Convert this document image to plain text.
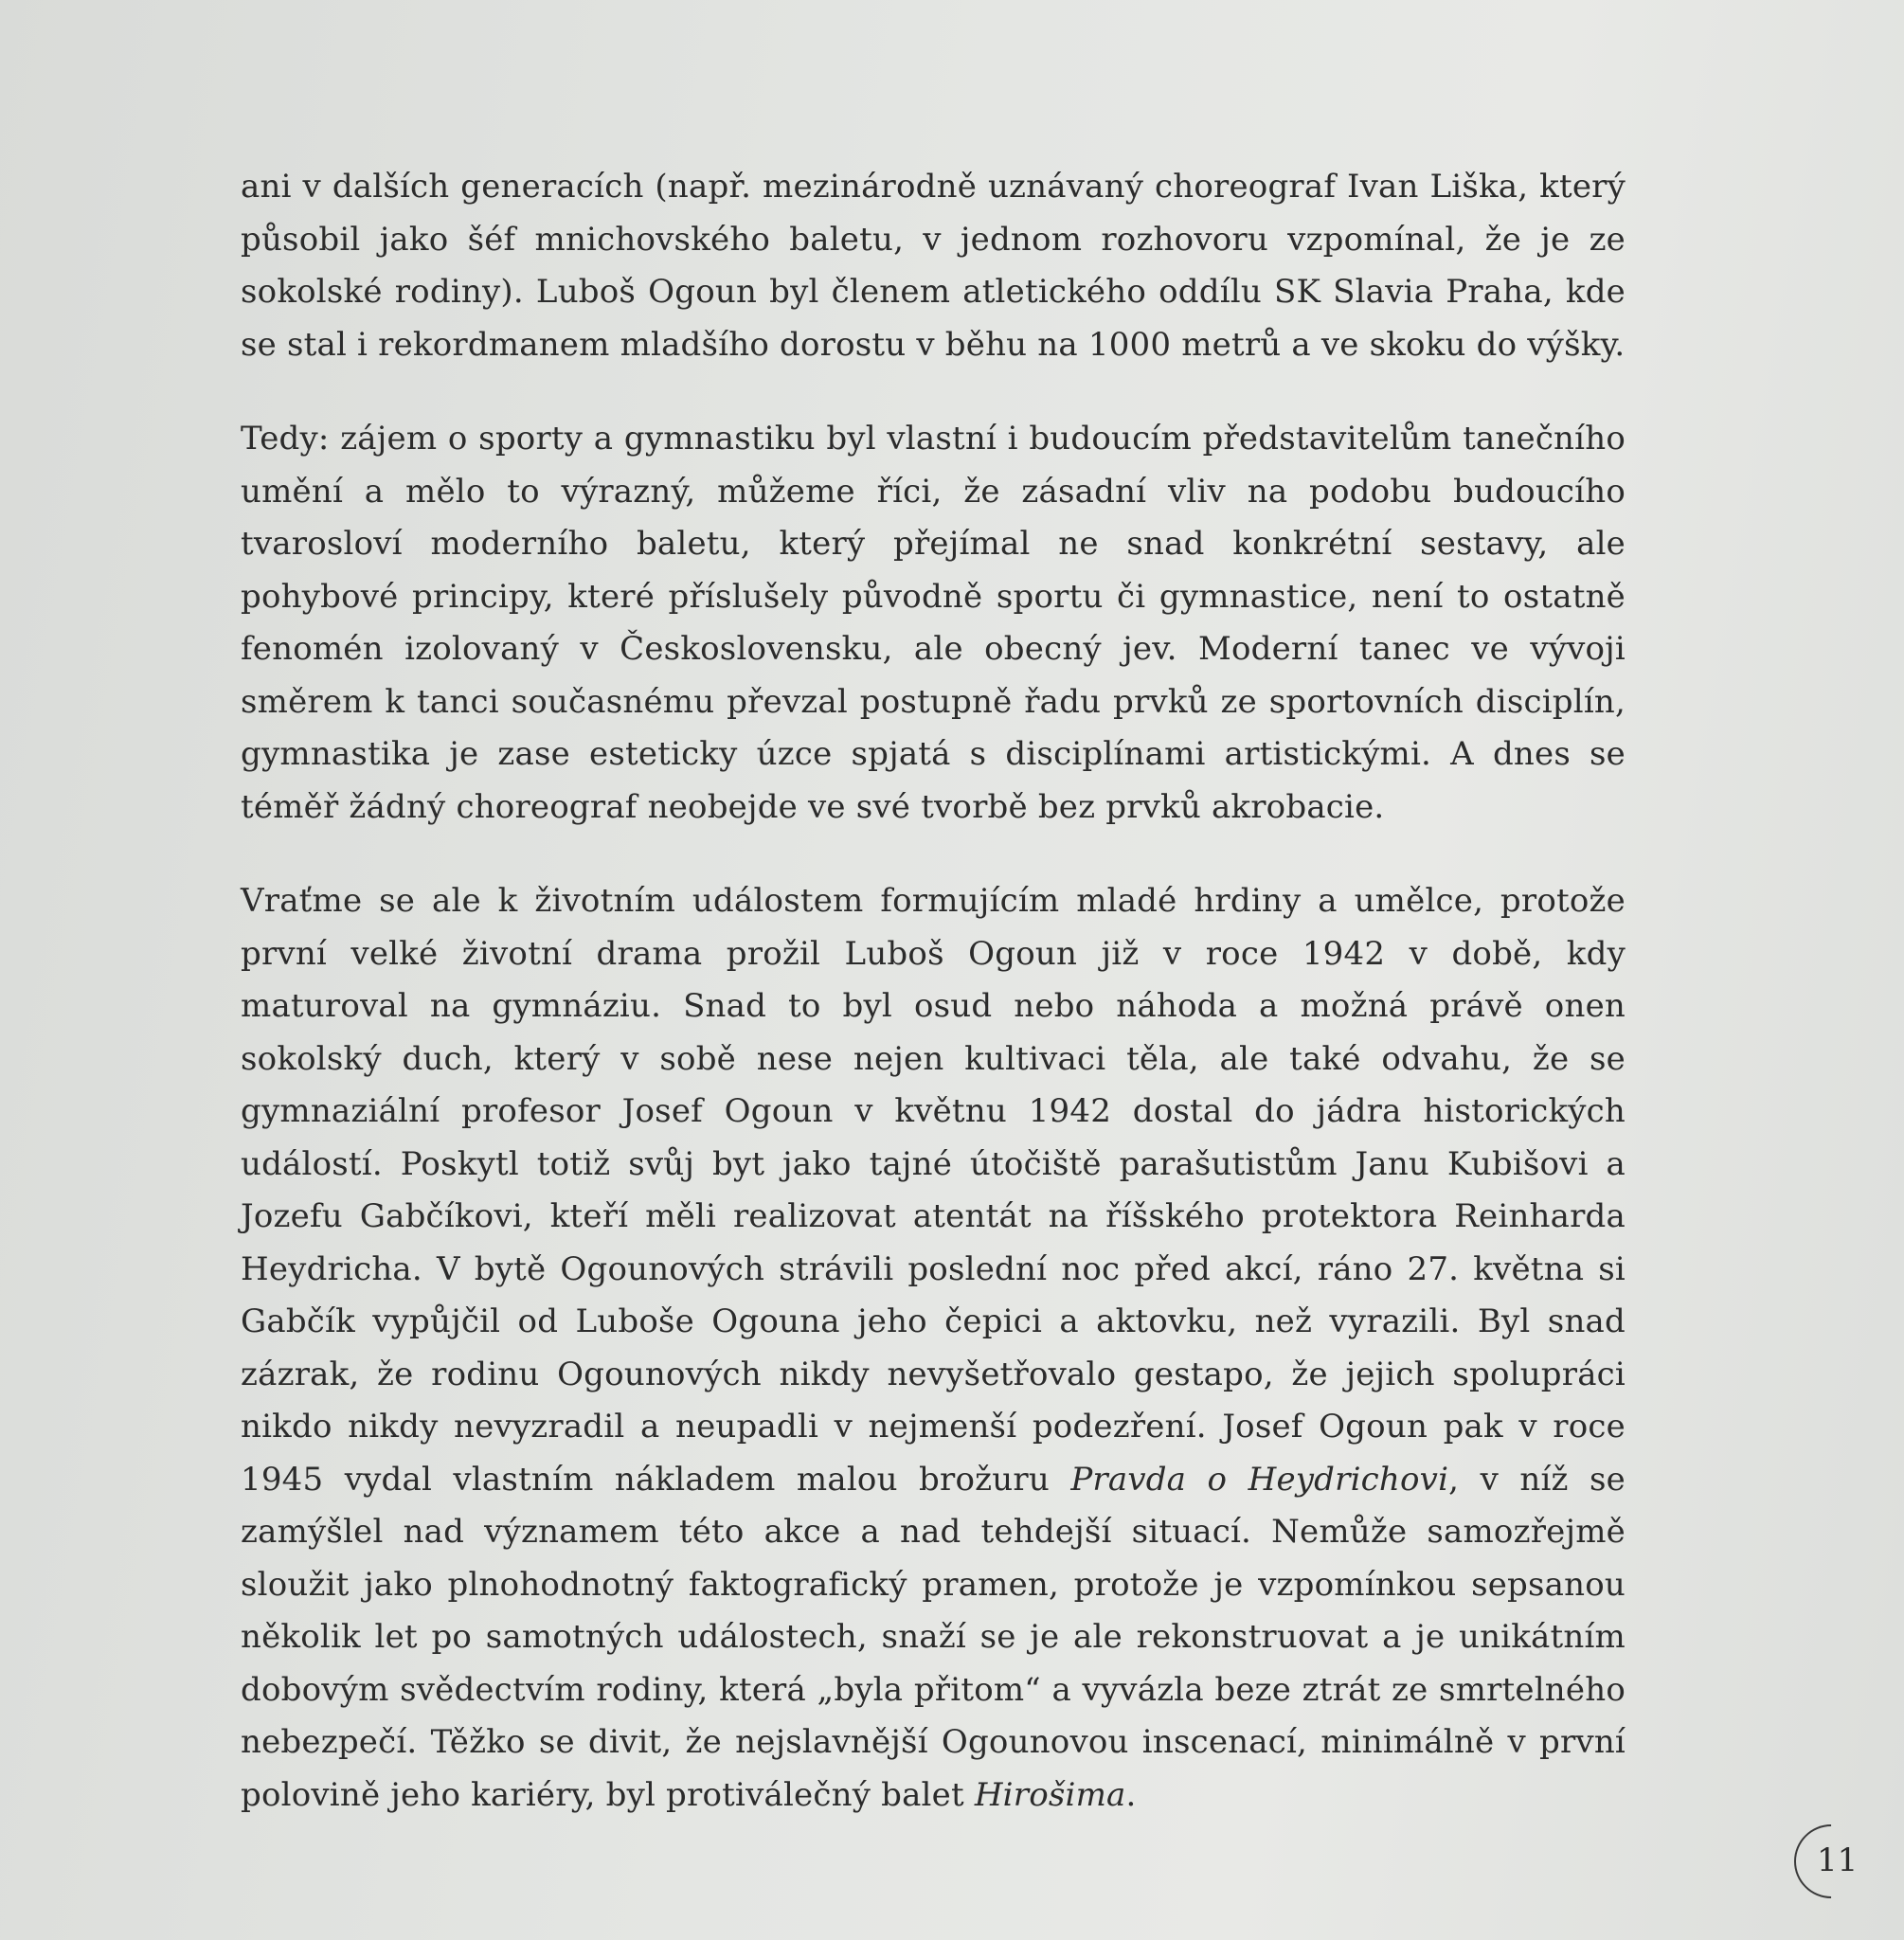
ani v dalších generacích (např. mezinárodně uznávaný choreograf Ivan Liška, který působil jako šéf mnichovského baletu, v jednom rozhovoru vzpomínal, že je ze sokolské rodiny). Luboš Ogoun byl členem atletického oddílu SK Slavia Praha, kde se stal i rekordmanem mladšího dorostu v běhu na 1000 metrů a ve skoku do výšky.

Tedy: zájem o sporty a gymnastiku byl vlastní i budoucím představitelům tanečního umění a mělo to výrazný, můžeme říci, že zásadní vliv na podobu budoucího tvarosloví moderního baletu, který přejímal ne snad konkrétní sestavy, ale pohybové principy, které příslušely původně sportu či gymnastice, není to ostatně fenomén izolovaný v Československu, ale obecný jev. Moderní tanec ve vývoji směrem k tanci současnému převzal postupně řadu prvků ze sportovních disciplín, gymnastika je zase esteticky úzce spjatá s disciplínami artistickými. A dnes se téměř žádný choreograf neobejde ve své tvorbě bez prvků akrobacie.

Vraťme se ale k životním událostem formujícím mladé hrdiny a umělce, protože první velké životní drama prožil Luboš Ogoun již v roce 1942 v době, kdy maturoval na gymnáziu. Snad to byl osud nebo náhoda a možná právě onen sokolský duch, který v sobě nese nejen kultivaci těla, ale také odvahu, že se gymnaziální profesor Josef Ogoun v květnu 1942 dostal do jádra historických událostí. Poskytl totiž svůj byt jako tajné útočiště parašutistům Janu Kubišovi a Jozefu Gabčíkovi, kteří měli realizovat atentát na říšského protektora Reinharda Heydricha. V bytě Ogounových strávili poslední noc před akcí, ráno 27. května si Gabčík vypůjčil od Luboše Ogouna jeho čepici a aktovku, než vyrazili. Byl snad zázrak, že rodinu Ogounových nikdy nevyšetřovalo gestapo, že jejich spolupráci nikdo nikdy nevyzradil a neupadli v nejmenší podezření. Josef Ogoun pak v roce 1945 vydal vlastním nákladem malou brožuru Pravda o Heydrichovi, v níž se zamýšlel nad významem této akce a nad tehdejší situací. Nemůže samozřejmě sloužit jako plnohodnotný faktografický pramen, protože je vzpomínkou sepsanou několik let po samotných událostech, snaží se je ale rekonstruovat a je unikátním dobovým svědectvím rodiny, která „byla přitom“ a vyvázla beze ztrát ze smrtelného nebezpečí. Těžko se divit, že nejslavnější Ogounovou inscenací, minimálně v první polovině jeho kariéry, byl protiválečný balet Hirošima.

11
